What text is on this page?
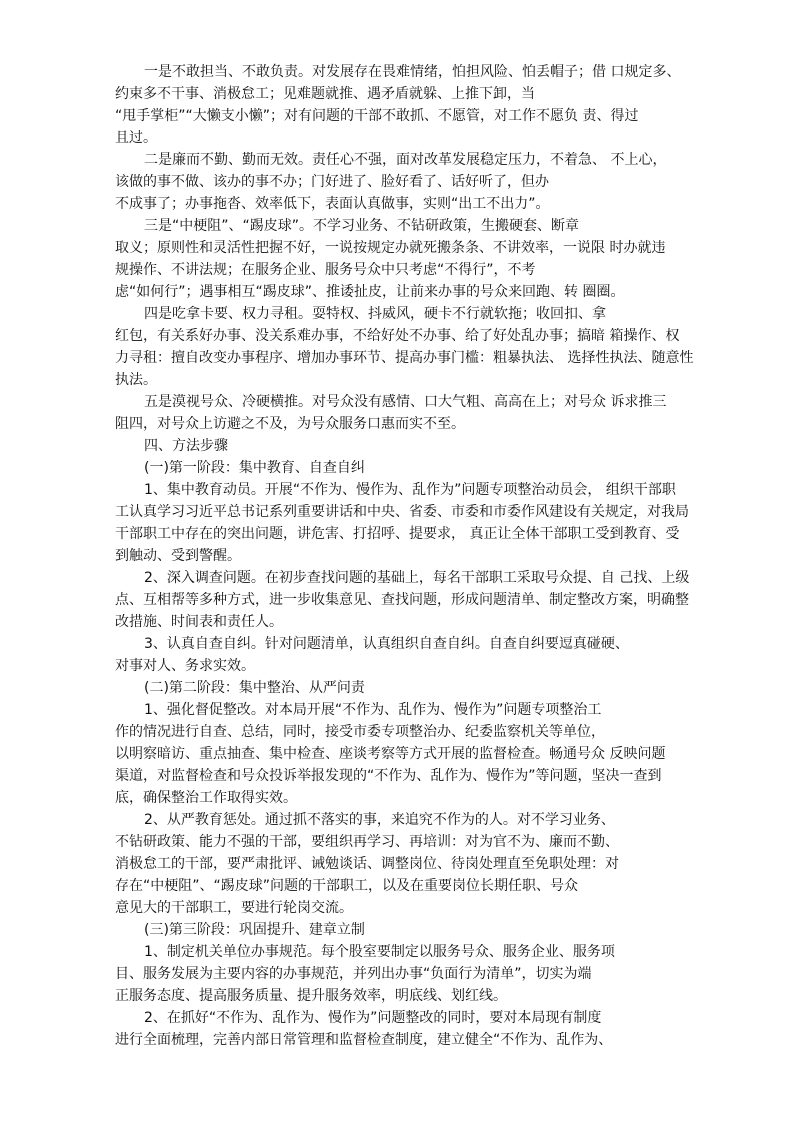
一是不敢担当、不敢负责。对发展存在畏难情绪，怕担风险、怕丢帽子；借 口规定多、
约束多不干事、消极怠工；见难题就推、遇矛盾就躲、上推下卸，当
“甩手掌柜”“大懒支小懒”；对有问题的干部不敢抓、不愿管，对工作不愿负 责、得过
且过。
二是廉而不勤、勤而无效。责任心不强，面对改革发展稳定压力，不着急、 不上心，
该做的事不做、该办的事不办；门好进了、脸好看了、话好听了，但办
不成事了；办事拖沓、效率低下，表面认真做事，实则“出工不出力”。
三是“中梗阻”、“踢皮球”。不学习业务、不钻研政策，生搬硬套、断章
取义；原则性和灵活性把握不好，一说按规定办就死搬条条、不讲效率，一说限 时办就违
规操作、不讲法规；在服务企业、服务号众中只考虑“不得行”，不考
虑“如何行”；遇事相互“踢皮球”、推诿扯皮，让前来办事的号众来回跑、转 圈圈。
四是吃拿卡要、权力寻租。耍特权、抖威风，硬卡不行就软拖；收回扣、拿
红包，有关系好办事、没关系难办事，不给好处不办事、给了好处乱办事；搞暗 箱操作、权
力寻租：擅自改变办事程序、增加办事环节、提高办事门槛：粗暴执法、 选择性执法、随意性
执法。
五是漠视号众、冷硬横推。对号众没有感情、口大气粗、高高在上；对号众 诉求推三
阻四，对号众上访避之不及，为号众服务口惠而实不至。
四、方法步骤
(一)第一阶段：集中教育、自查自纠
1、集中教育动员。开展“不作为、慢作为、乱作为”问题专项整治动员会， 组织干部职
工认真学习习近平总书记系列重要讲话和中央、省委、市委和市委作风建设有关规定，对我局
干部职工中存在的突出问题，讲危害、打招呼、提要求， 真正让全体干部职工受到教育、受
到触动、受到警醒。
2、深入调查问题。在初步查找问题的基础上，每名干部职工采取号众提、自 己找、上级
点、互相帮等多种方式，进一步收集意见、查找问题，形成问题清单、制定整改方案，明确整
改措施、时间表和责任人。
3、认真自查自纠。针对问题清单，认真组织自查自纠。自查自纠要逗真碰硬、
对事对人、务求实效。
(二)第二阶段：集中整治、从严问责
1、强化督促整改。对本局开展“不作为、乱作为、慢作为”问题专项整治工
作的情况进行自查、总结，同时，接受市委专项整治办、纪委监察机关等单位，
以明察暗访、重点抽查、集中检查、座谈考察等方式开展的监督检查。畅通号众 反映问题
渠道，对监督检查和号众投诉举报发现的“不作为、乱作为、慢作为”等问题，坚决一查到
底，确保整治工作取得实效。
2、从严教育惩处。通过抓不落实的事，来追究不作为的人。对不学习业务、
不钻研政策、能力不强的干部，要组织再学习、再培训：对为官不为、廉而不勤、
消极怠工的干部，要严肃批评、诫勉谈话、调整岗位、待岗处理直至免职处理：对
存在“中梗阻”、“踢皮球”问题的干部职工，以及在重要岗位长期任职、号众
意见大的干部职工，要进行轮岗交流。
(三)第三阶段：巩固提升、建章立制
1、制定机关单位办事规范。每个股室要制定以服务号众、服务企业、服务项
目、服务发展为主要内容的办事规范，并列出办事“负面行为清单”，切实为端
正服务态度、提高服务质量、提升服务效率，明底线、划红线。
2、在抓好“不作为、乱作为、慢作为”问题整改的同时，要对本局现有制度
进行全面梳理，完善内部日常管理和监督检查制度，建立健全“不作为、乱作为、
